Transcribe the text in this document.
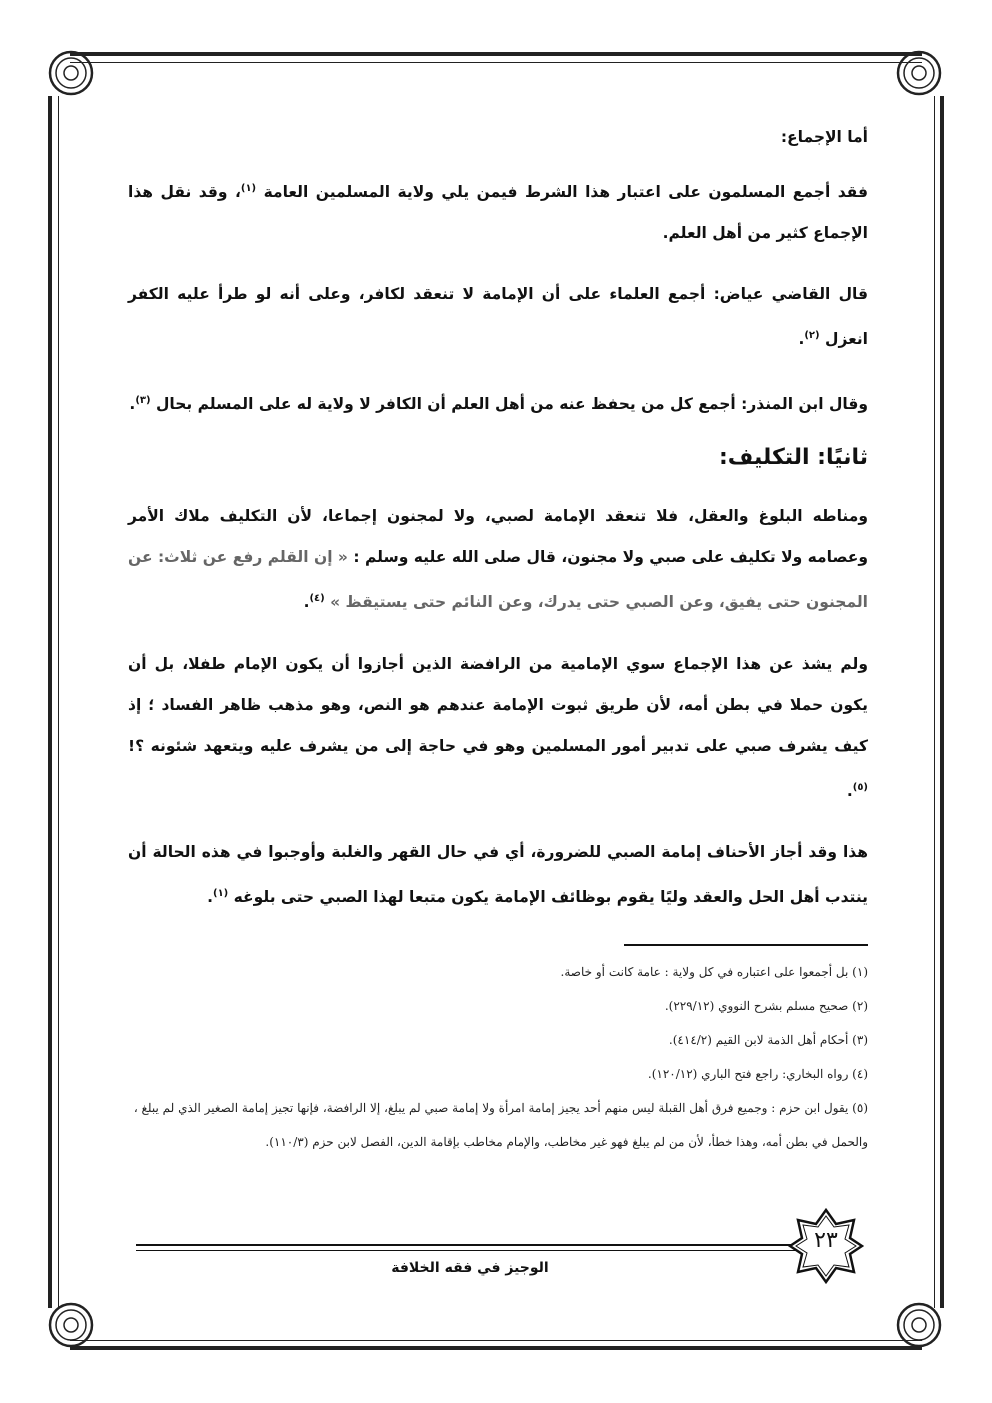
أما الإجماع:

فقد أجمع المسلمون على اعتبار هذا الشرط فيمن يلي ولاية المسلمين العامة $^{(١)}$، وقد نقل هذا الإجماع كثير من أهل العلم.

قال القاضي عياض: أجمع العلماء على أن الإمامة لا تنعقد لكافر، وعلى أنه لو طرأ عليه الكفر انعزل $^{(٢)}$.

وقال ابن المنذر: أجمع كل من يحفظ عنه من أهل العلم أن الكافر لا ولاية له على المسلم بحال $^{(٣)}$.

ثانيًا: التكليف:

ومناطه البلوغ والعقل، فلا تنعقد الإمامة لصبي، ولا لمجنون إجماعا، لأن التكليف ملاك الأمر وعصامه ولا تكليف على صبي ولا مجنون، قال صلى الله عليه وسلم : « إن القلم رفع عن ثلاث: عن المجنون حتى يفيق، وعن الصبي حتى يدرك، وعن النائم حتى يستيقظ » $^{(٤)}$.

ولم يشذ عن هذا الإجماع سوي الإمامية من الرافضة الذين أجازوا أن يكون الإمام طفلا، بل أن يكون حملا في بطن أمه، لأن طريق ثبوت الإمامة عندهم هو النص، وهو مذهب ظاهر الفساد ؛ إذ كيف يشرف صبي على تدبير أمور المسلمين وهو في حاجة إلى من يشرف عليه ويتعهد شئونه ؟! $^{(٥)}$.

هذا وقد أجاز الأحناف إمامة الصبي للضرورة، أي في حال القهر والغلبة وأوجبوا في هذه الحالة أن ينتدب أهل الحل والعقد وليًا يقوم بوظائف الإمامة يكون متبعا لهذا الصبي حتى بلوغه $^{(١)}$.

(١) بل أجمعوا على اعتباره في كل ولاية : عامة كانت أو خاصة.

(٢) صحيح مسلم بشرح النووي (٢٢٩/١٢).

(٣) أحكام أهل الذمة لابن القيم (٤١٤/٢).

(٤) رواه البخاري: راجع فتح الباري (١٢٠/١٢).

(٥) يقول ابن حزم : وجميع فرق أهل القبلة ليس منهم أحد يجيز إمامة امرأة ولا إمامة صبي لم يبلغ، إلا الرافضة، فإنها تجيز إمامة الصغير الذي لم يبلغ ، والحمل في بطن أمه، وهذا خطأ، لأن من لم يبلغ فهو غير مخاطب، والإمام مخاطب بإقامة الدين، الفصل لابن حزم (١١٠/٣).

٢٣
الوجيز في فقه الخلافة
